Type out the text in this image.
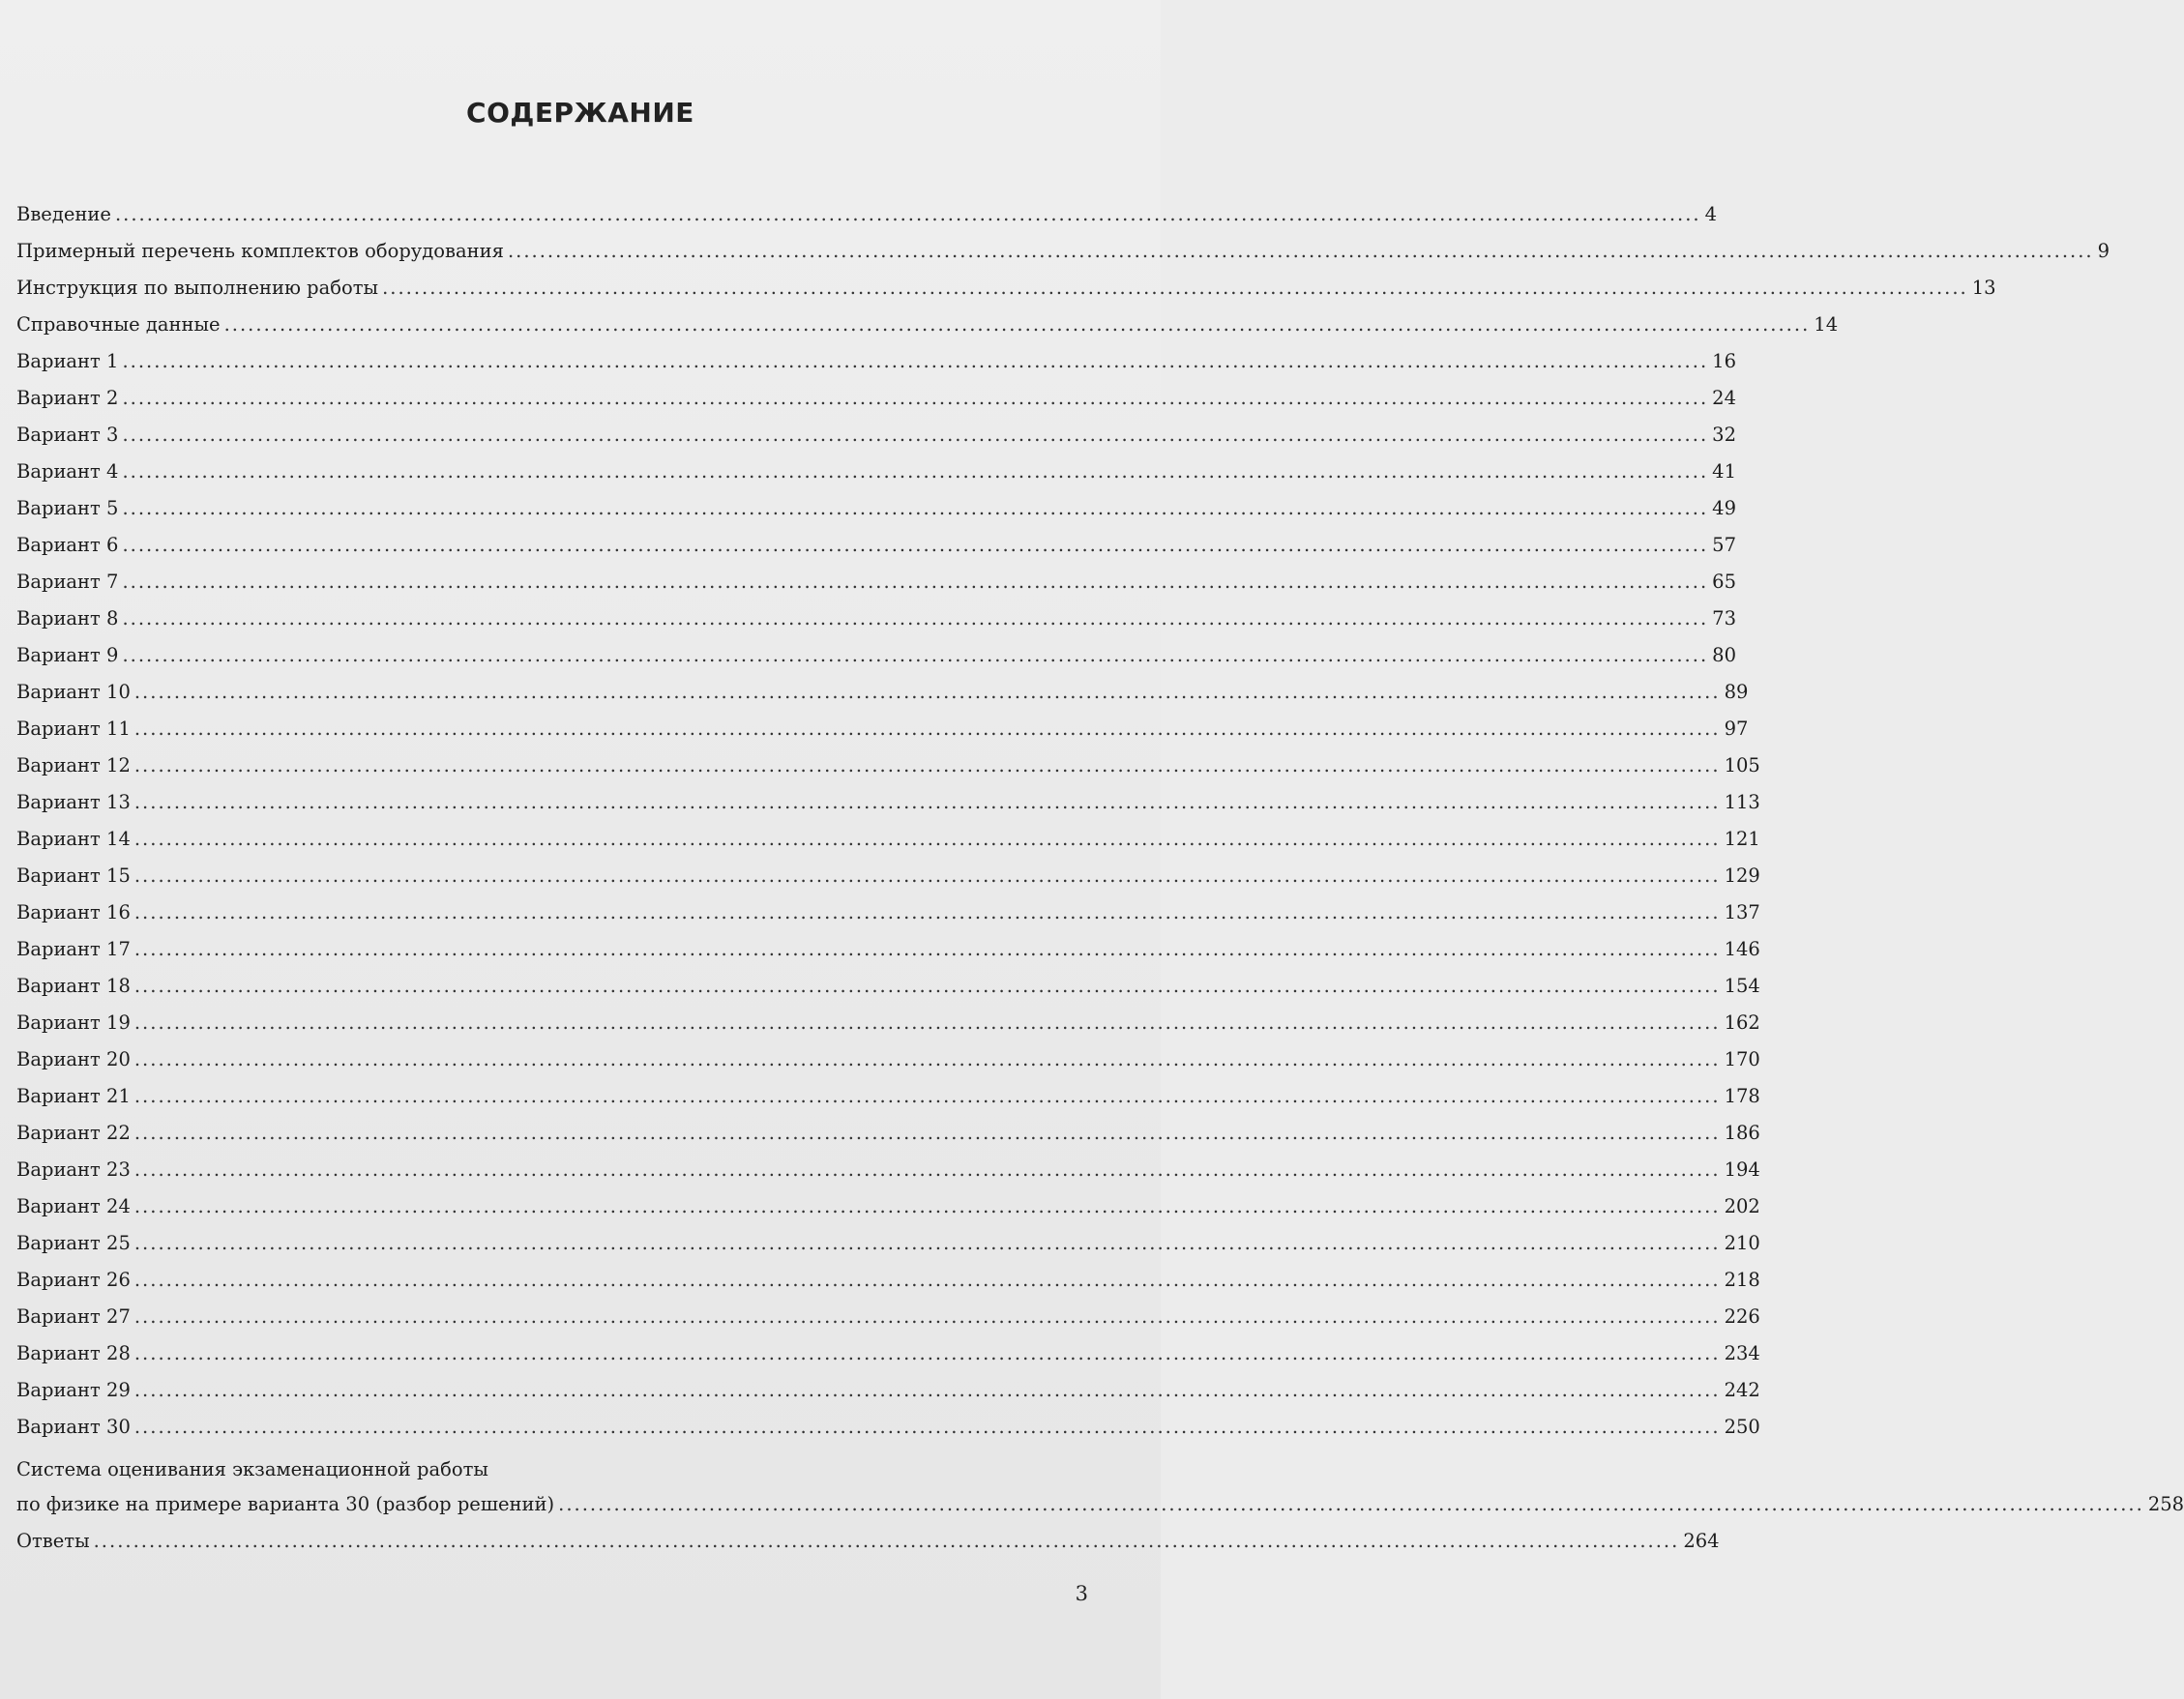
СОДЕРЖАНИЕ
Введение ........................................................................................................................................................................................................ 4
Примерный перечень комплектов оборудования ........................................................................................................................................................................................................ 9
Инструкция по выполнению работы ........................................................................................................................................................................................................ 13
Справочные данные ........................................................................................................................................................................................................ 14
Вариант 1 ........................................................................................................................................................................................................ 16
Вариант 2 ........................................................................................................................................................................................................ 24
Вариант 3 ........................................................................................................................................................................................................ 32
Вариант 4 ........................................................................................................................................................................................................ 41
Вариант 5 ........................................................................................................................................................................................................ 49
Вариант 6 ........................................................................................................................................................................................................ 57
Вариант 7 ........................................................................................................................................................................................................ 65
Вариант 8 ........................................................................................................................................................................................................ 73
Вариант 9 ........................................................................................................................................................................................................ 80
Вариант 10 ........................................................................................................................................................................................................ 89
Вариант 11 ........................................................................................................................................................................................................ 97
Вариант 12 ........................................................................................................................................................................................................ 105
Вариант 13 ........................................................................................................................................................................................................ 113
Вариант 14 ........................................................................................................................................................................................................ 121
Вариант 15 ........................................................................................................................................................................................................ 129
Вариант 16 ........................................................................................................................................................................................................ 137
Вариант 17 ........................................................................................................................................................................................................ 146
Вариант 18 ........................................................................................................................................................................................................ 154
Вариант 19 ........................................................................................................................................................................................................ 162
Вариант 20 ........................................................................................................................................................................................................ 170
Вариант 21 ........................................................................................................................................................................................................ 178
Вариант 22 ........................................................................................................................................................................................................ 186
Вариант 23 ........................................................................................................................................................................................................ 194
Вариант 24 ........................................................................................................................................................................................................ 202
Вариант 25 ........................................................................................................................................................................................................ 210
Вариант 26 ........................................................................................................................................................................................................ 218
Вариант 27 ........................................................................................................................................................................................................ 226
Вариант 28 ........................................................................................................................................................................................................ 234
Вариант 29 ........................................................................................................................................................................................................ 242
Вариант 30 ........................................................................................................................................................................................................ 250
Система оценивания экзаменационной работы
по физике на примере варианта 30 (разбор решений) ........................................................................................................................................................................................................ 258
Ответы ........................................................................................................................................................................................................ 264
3
